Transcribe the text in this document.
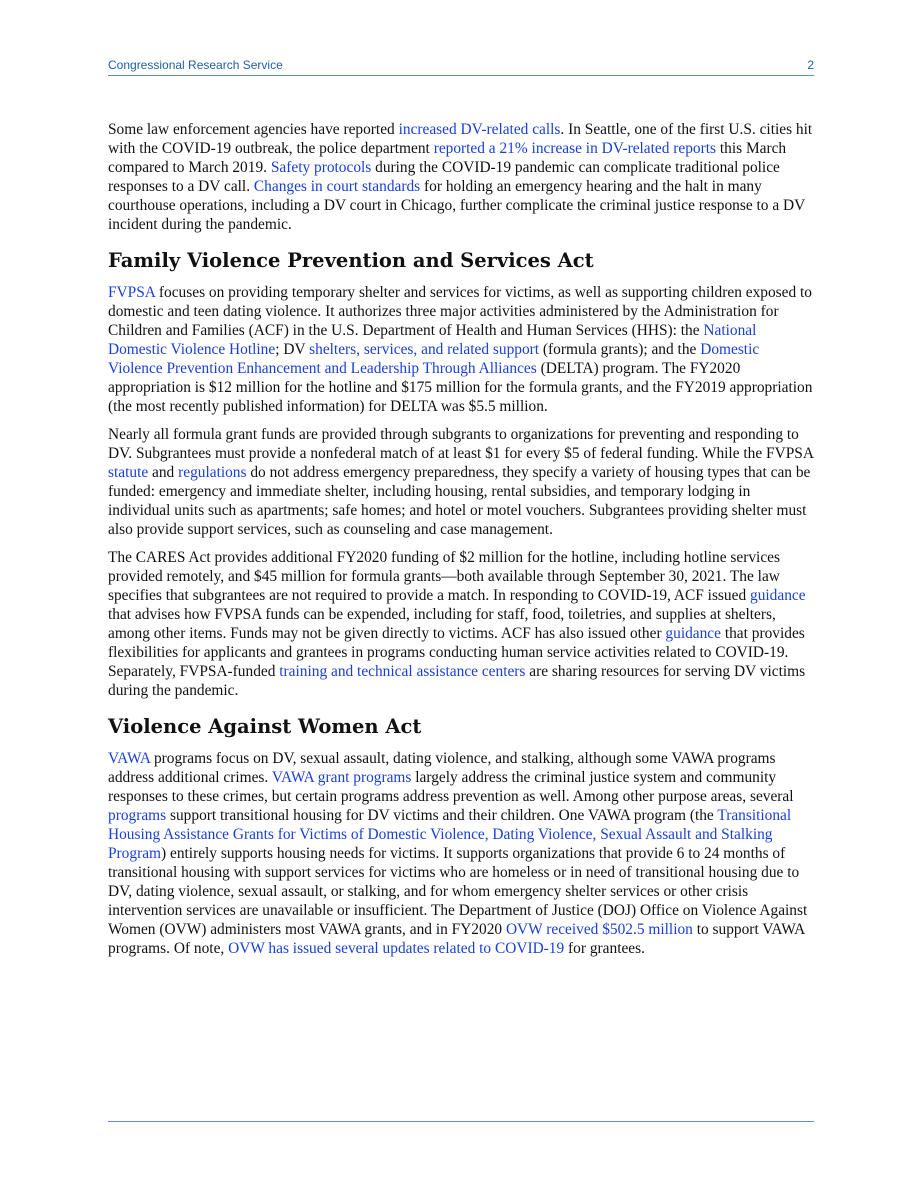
Congressional Research Service	2

Some law enforcement agencies have reported increased DV-related calls. In Seattle, one of the first U.S. cities hit with the COVID-19 outbreak, the police department reported a 21% increase in DV-related reports this March compared to March 2019. Safety protocols during the COVID-19 pandemic can complicate traditional police responses to a DV call. Changes in court standards for holding an emergency hearing and the halt in many courthouse operations, including a DV court in Chicago, further complicate the criminal justice response to a DV incident during the pandemic.

Family Violence Prevention and Services Act

FVPSA focuses on providing temporary shelter and services for victims, as well as supporting children exposed to domestic and teen dating violence. It authorizes three major activities administered by the Administration for Children and Families (ACF) in the U.S. Department of Health and Human Services (HHS): the National Domestic Violence Hotline; DV shelters, services, and related support (formula grants); and the Domestic Violence Prevention Enhancement and Leadership Through Alliances (DELTA) program. The FY2020 appropriation is $12 million for the hotline and $175 million for the formula grants, and the FY2019 appropriation (the most recently published information) for DELTA was $5.5 million.

Nearly all formula grant funds are provided through subgrants to organizations for preventing and responding to DV. Subgrantees must provide a nonfederal match of at least $1 for every $5 of federal funding. While the FVPSA statute and regulations do not address emergency preparedness, they specify a variety of housing types that can be funded: emergency and immediate shelter, including housing, rental subsidies, and temporary lodging in individual units such as apartments; safe homes; and hotel or motel vouchers. Subgrantees providing shelter must also provide support services, such as counseling and case management.

The CARES Act provides additional FY2020 funding of $2 million for the hotline, including hotline services provided remotely, and $45 million for formula grants—both available through September 30, 2021. The law specifies that subgrantees are not required to provide a match. In responding to COVID-19, ACF issued guidance that advises how FVPSA funds can be expended, including for staff, food, toiletries, and supplies at shelters, among other items. Funds may not be given directly to victims. ACF has also issued other guidance that provides flexibilities for applicants and grantees in programs conducting human service activities related to COVID-19. Separately, FVPSA-funded training and technical assistance centers are sharing resources for serving DV victims during the pandemic.

Violence Against Women Act

VAWA programs focus on DV, sexual assault, dating violence, and stalking, although some VAWA programs address additional crimes. VAWA grant programs largely address the criminal justice system and community responses to these crimes, but certain programs address prevention as well. Among other purpose areas, several programs support transitional housing for DV victims and their children. One VAWA program (the Transitional Housing Assistance Grants for Victims of Domestic Violence, Dating Violence, Sexual Assault and Stalking Program) entirely supports housing needs for victims. It supports organizations that provide 6 to 24 months of transitional housing with support services for victims who are homeless or in need of transitional housing due to DV, dating violence, sexual assault, or stalking, and for whom emergency shelter services or other crisis intervention services are unavailable or insufficient. The Department of Justice (DOJ) Office on Violence Against Women (OVW) administers most VAWA grants, and in FY2020 OVW received $502.5 million to support VAWA programs. Of note, OVW has issued several updates related to COVID-19 for grantees.
